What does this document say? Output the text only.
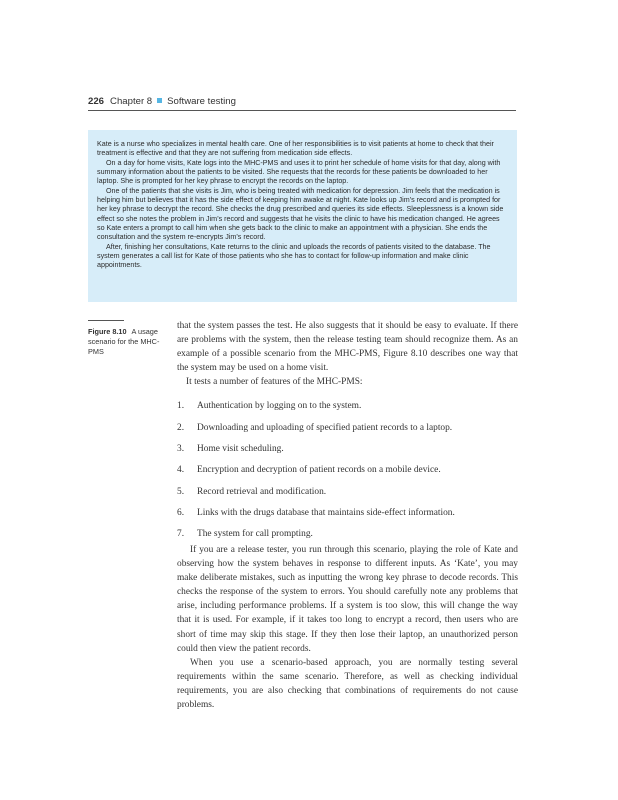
226 Chapter 8 Software testing

Kate is a nurse who specializes in mental health care. One of her responsibilities is to visit patients at home to check that their treatment is effective and that they are not suffering from medication side effects.

On a day for home visits, Kate logs into the MHC-PMS and uses it to print her schedule of home visits for that day, along with summary information about the patients to be visited. She requests that the records for these patients be downloaded to her laptop. She is prompted for her key phrase to encrypt the records on the laptop.

One of the patients that she visits is Jim, who is being treated with medication for depression. Jim feels that the medication is helping him but believes that it has the side effect of keeping him awake at night. Kate looks up Jim’s record and is prompted for her key phrase to decrypt the record. She checks the drug prescribed and queries its side effects. Sleeplessness is a known side effect so she notes the problem in Jim’s record and suggests that he visits the clinic to have his medication changed. He agrees so Kate enters a prompt to call him when she gets back to the clinic to make an appointment with a physician. She ends the consultation and the system re-encrypts Jim’s record.

After, finishing her consultations, Kate returns to the clinic and uploads the records of patients visited to the database. The system generates a call list for Kate of those patients who she has to contact for follow-up information and make clinic appointments.

Figure 8.10 A usage scenario for the MHC-PMS

that the system passes the test. He also suggests that it should be easy to evaluate. If there are problems with the system, then the release testing team should recognize them. As an example of a possible scenario from the MHC-PMS, Figure 8.10 describes one way that the system may be used on a home visit.

It tests a number of features of the MHC-PMS:

1.	Authentication by logging on to the system.
2.	Downloading and uploading of specified patient records to a laptop.
3.	Home visit scheduling.
4.	Encryption and decryption of patient records on a mobile device.
5.	Record retrieval and modification.
6.	Links with the drugs database that maintains side-effect information.
7.	The system for call prompting.

If you are a release tester, you run through this scenario, playing the role of Kate and observing how the system behaves in response to different inputs. As ‘Kate’, you may make deliberate mistakes, such as inputting the wrong key phrase to decode records. This checks the response of the system to errors. You should carefully note any problems that arise, including performance problems. If a system is too slow, this will change the way that it is used. For example, if it takes too long to encrypt a record, then users who are short of time may skip this stage. If they then lose their laptop, an unauthorized person could then view the patient records.

When you use a scenario-based approach, you are normally testing several requirements within the same scenario. Therefore, as well as checking individual requirements, you are also checking that combinations of requirements do not cause problems.
